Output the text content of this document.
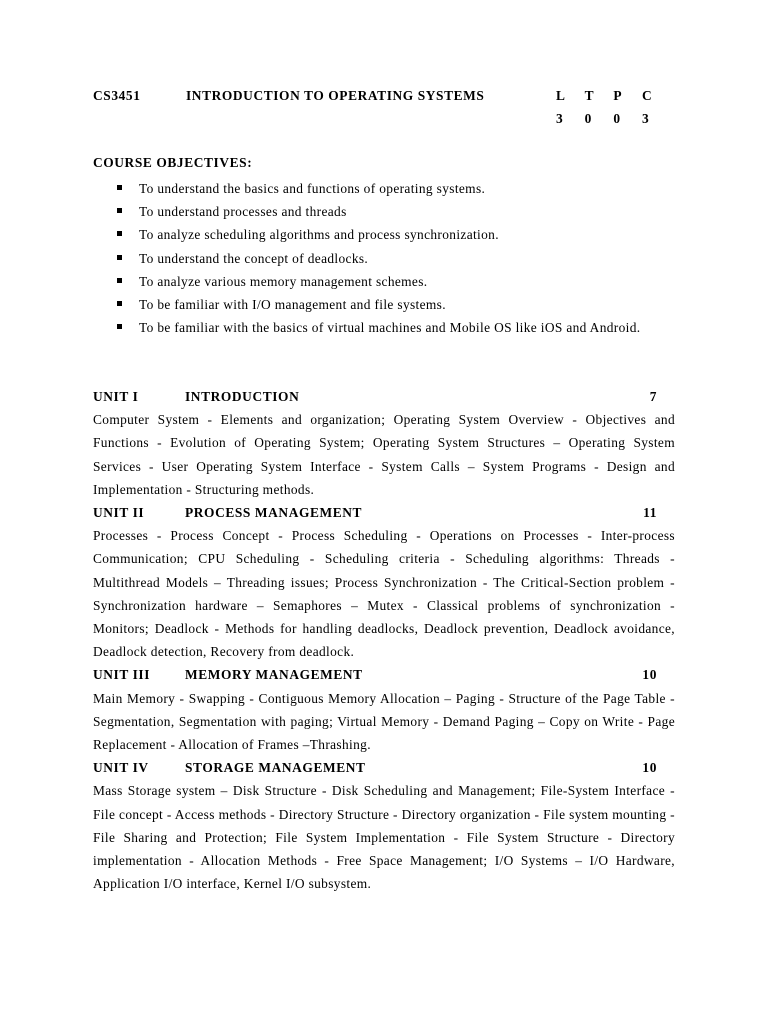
CS3451	INTRODUCTION TO OPERATING SYSTEMS	L	T	P	C
3	0	0	3
COURSE OBJECTIVES:
To understand the basics and functions of operating systems.
To understand processes and threads
To analyze scheduling algorithms and process synchronization.
To understand the concept of deadlocks.
To analyze various memory management schemes.
To be familiar with I/O management and file systems.
To be familiar with the basics of virtual machines and Mobile OS like iOS and Android.
UNIT I	INTRODUCTION	7
Computer System - Elements and organization; Operating System Overview - Objectives and Functions - Evolution of Operating System; Operating System Structures – Operating System Services - User Operating System Interface - System Calls – System Programs - Design and Implementation - Structuring methods.
UNIT II	PROCESS MANAGEMENT	11
Processes - Process Concept - Process Scheduling - Operations on Processes - Inter-process Communication; CPU Scheduling - Scheduling criteria - Scheduling algorithms: Threads - Multithread Models – Threading issues; Process Synchronization - The Critical-Section problem - Synchronization hardware – Semaphores – Mutex - Classical problems of synchronization - Monitors; Deadlock - Methods for handling deadlocks, Deadlock prevention, Deadlock avoidance, Deadlock detection, Recovery from deadlock.
UNIT III	MEMORY MANAGEMENT	10
Main Memory - Swapping - Contiguous Memory Allocation – Paging - Structure of the Page Table - Segmentation, Segmentation with paging; Virtual Memory - Demand Paging – Copy on Write - Page Replacement - Allocation of Frames –Thrashing.
UNIT IV	STORAGE MANAGEMENT	10
Mass Storage system – Disk Structure - Disk Scheduling and Management; File-System Interface - File concept - Access methods - Directory Structure - Directory organization - File system mounting - File Sharing and Protection; File System Implementation - File System Structure - Directory implementation - Allocation Methods - Free Space Management; I/O Systems – I/O Hardware, Application I/O interface, Kernel I/O subsystem.
